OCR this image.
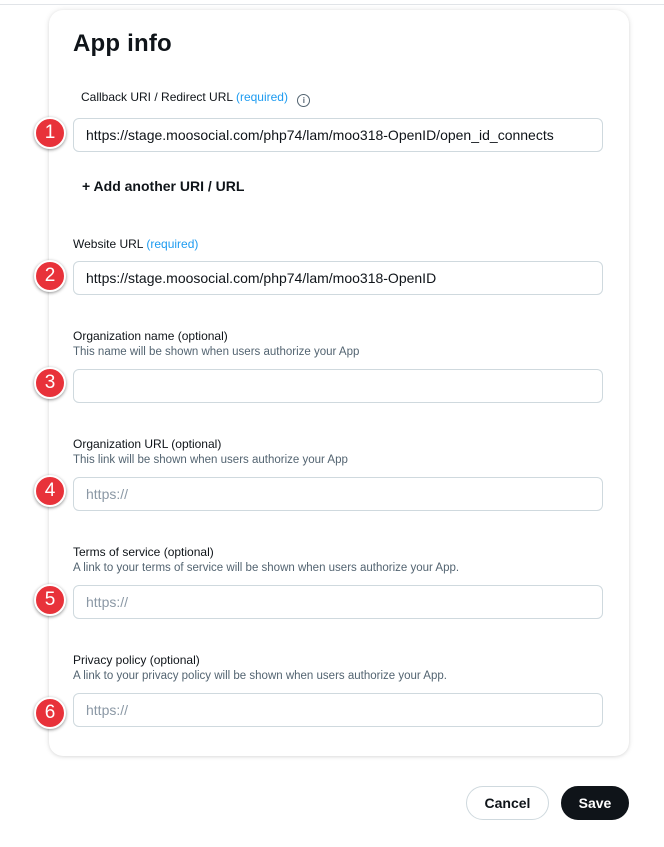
App info
Callback URI / Redirect URL (required) i
https://stage.moosocial.com/php74/lam/moo318-OpenID/open_id_connects
1
+ Add another URI / URL
Website URL (required)
https://stage.moosocial.com/php74/lam/moo318-OpenID
2
Organization name (optional)
This name will be shown when users authorize your App
3
Organization URL (optional)
This link will be shown when users authorize your App
https://
4
Terms of service (optional)
A link to your terms of service will be shown when users authorize your App.
https://
5
Privacy policy (optional)
A link to your privacy policy will be shown when users authorize your App.
https://
6
Cancel	Save
